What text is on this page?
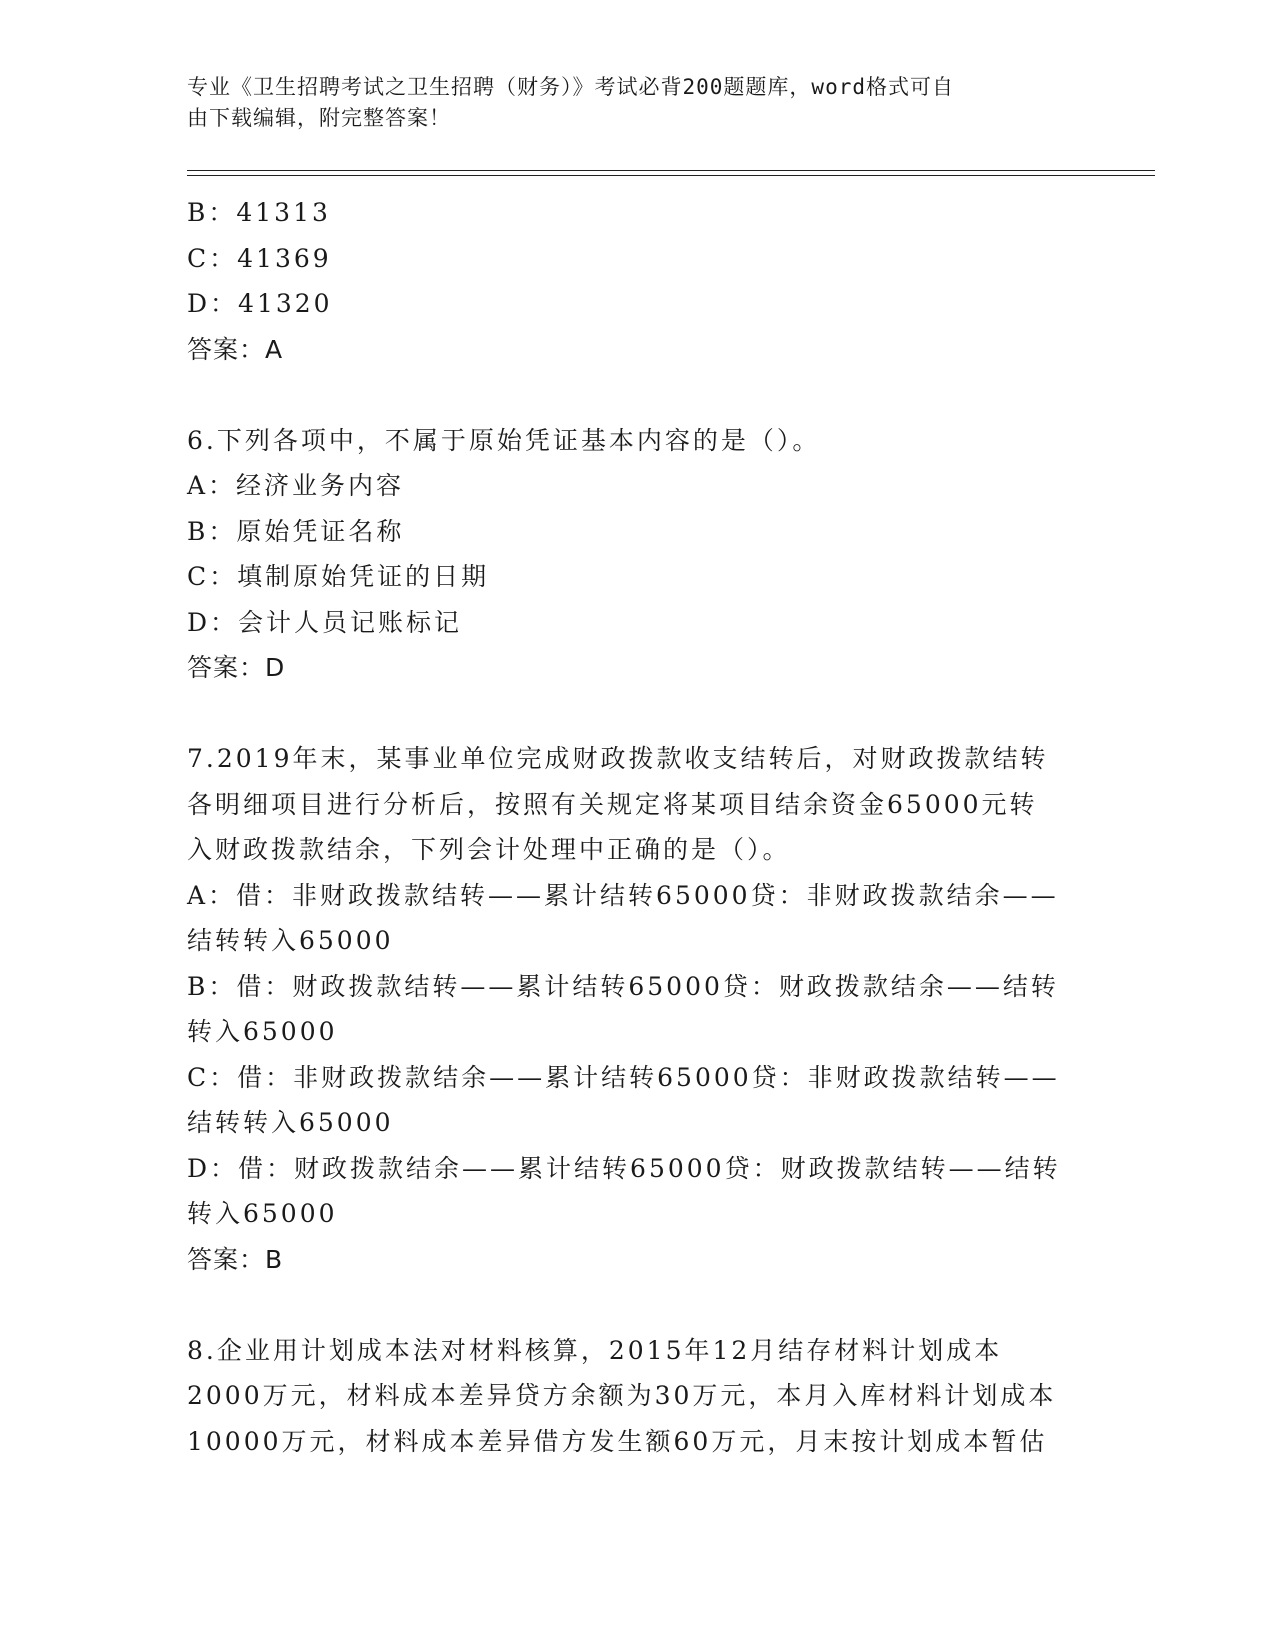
专业《卫生招聘考试之卫生招聘（财务）》考试必背200题题库，word格式可自
由下载编辑，附完整答案！
B：41313
C：41369
D：41320
答案：A
6.下列各项中，不属于原始凭证基本内容的是（）。
A：经济业务内容
B：原始凭证名称
C：填制原始凭证的日期
D：会计人员记账标记
答案：D
7.2019年末，某事业单位完成财政拨款收支结转后，对财政拨款结转
各明细项目进行分析后，按照有关规定将某项目结余资金65000元转
入财政拨款结余，下列会计处理中正确的是（）。
A：借：非财政拨款结转——累计结转65000贷：非财政拨款结余——
结转转入65000
B：借：财政拨款结转——累计结转65000贷：财政拨款结余——结转
转入65000
C：借：非财政拨款结余——累计结转65000贷：非财政拨款结转——
结转转入65000
D：借：财政拨款结余——累计结转65000贷：财政拨款结转——结转
转入65000
答案：B
8.企业用计划成本法对材料核算，2015年12月结存材料计划成本
2000万元，材料成本差异贷方余额为30万元，本月入库材料计划成本
10000万元，材料成本差异借方发生额60万元，月末按计划成本暂估
